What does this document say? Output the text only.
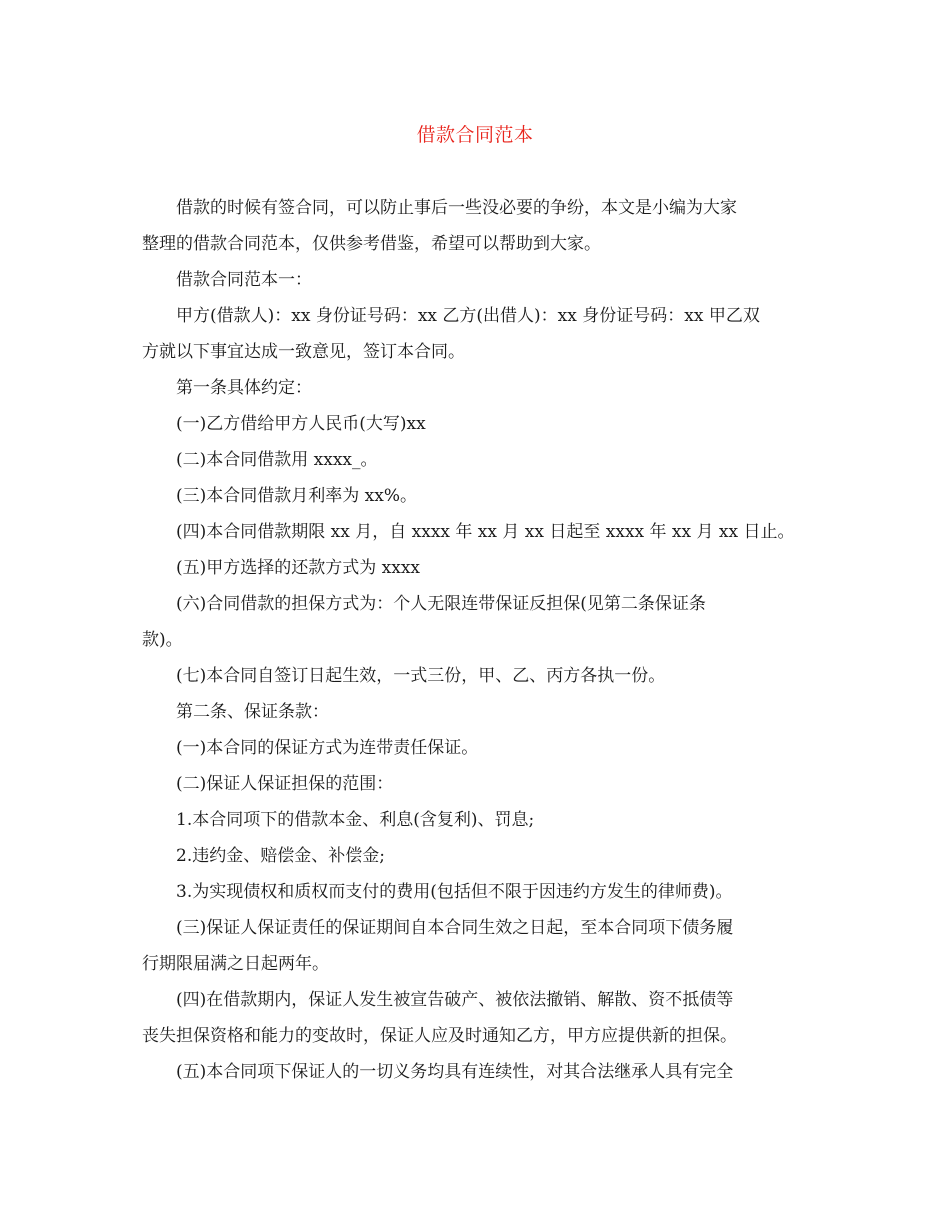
借款合同范本

借款的时候有签合同，可以防止事后一些没必要的争纷，本文是小编为大家
整理的借款合同范本，仅供参考借鉴，希望可以帮助到大家。

借款合同范本一：

甲方(借款人)：xx 身份证号码：xx 乙方(出借人)：xx 身份证号码：xx 甲乙双
方就以下事宜达成一致意见，签订本合同。

第一条具体约定：

(一)乙方借给甲方人民币(大写)xx

(二)本合同借款用 xxxx_。

(三)本合同借款月利率为 xx%。

(四)本合同借款期限 xx 月，自 xxxx 年 xx 月 xx 日起至 xxxx 年 xx 月 xx 日止。

(五)甲方选择的还款方式为 xxxx

(六)合同借款的担保方式为：个人无限连带保证反担保(见第二条保证条
款)。

(七)本合同自签订日起生效，一式三份，甲、乙、丙方各执一份。

第二条、保证条款：

(一)本合同的保证方式为连带责任保证。

(二)保证人保证担保的范围：

1.本合同项下的借款本金、利息(含复利)、罚息;

2.违约金、赔偿金、补偿金;

3.为实现债权和质权而支付的费用(包括但不限于因违约方发生的律师费)。

(三)保证人保证责任的保证期间自本合同生效之日起，至本合同项下债务履
行期限届满之日起两年。

(四)在借款期内，保证人发生被宣告破产、被依法撤销、解散、资不抵债等
丧失担保资格和能力的变故时，保证人应及时通知乙方，甲方应提供新的担保。

(五)本合同项下保证人的一切义务均具有连续性，对其合法继承人具有完全
